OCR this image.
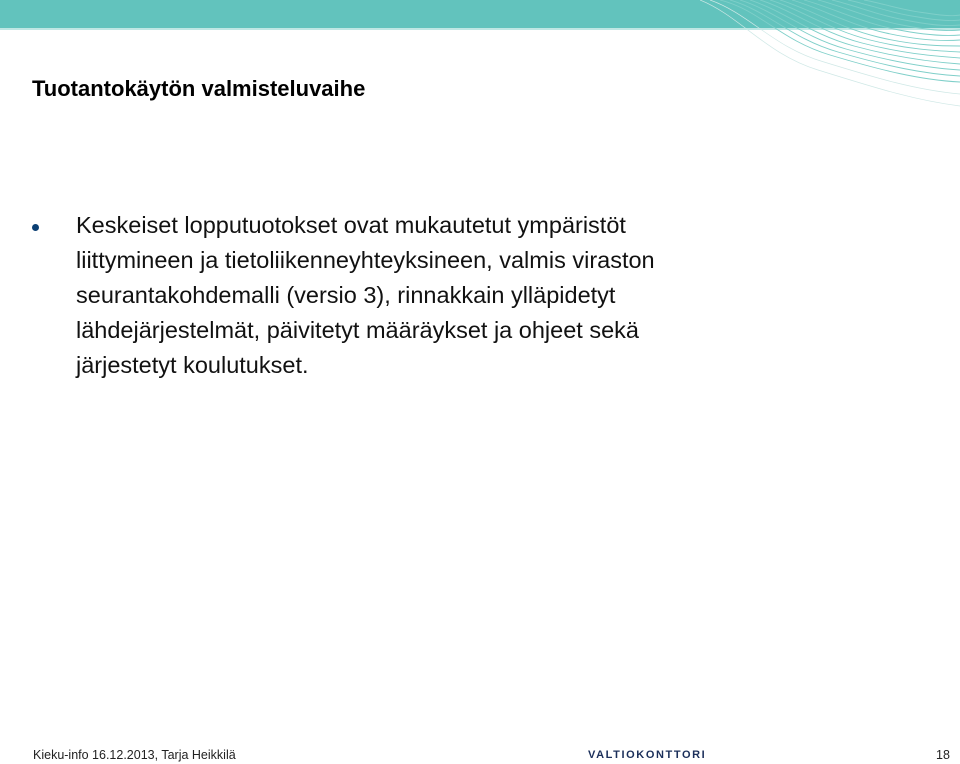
Tuotantokäytön valmisteluvaihe
Keskeiset lopputuotokset ovat mukautetut ympäristöt
liittymineen ja tietoliikenneyhteyksineen, valmis viraston
seurantakohdemalli (versio 3), rinnakkain ylläpidetyt
lähdejärjestelmät, päivitetyt määräykset ja ohjeet sekä
järjestetyt koulutukset.
Kieku-info 16.12.2013, Tarja Heikkilä	VALTIOKONTTORI	18
